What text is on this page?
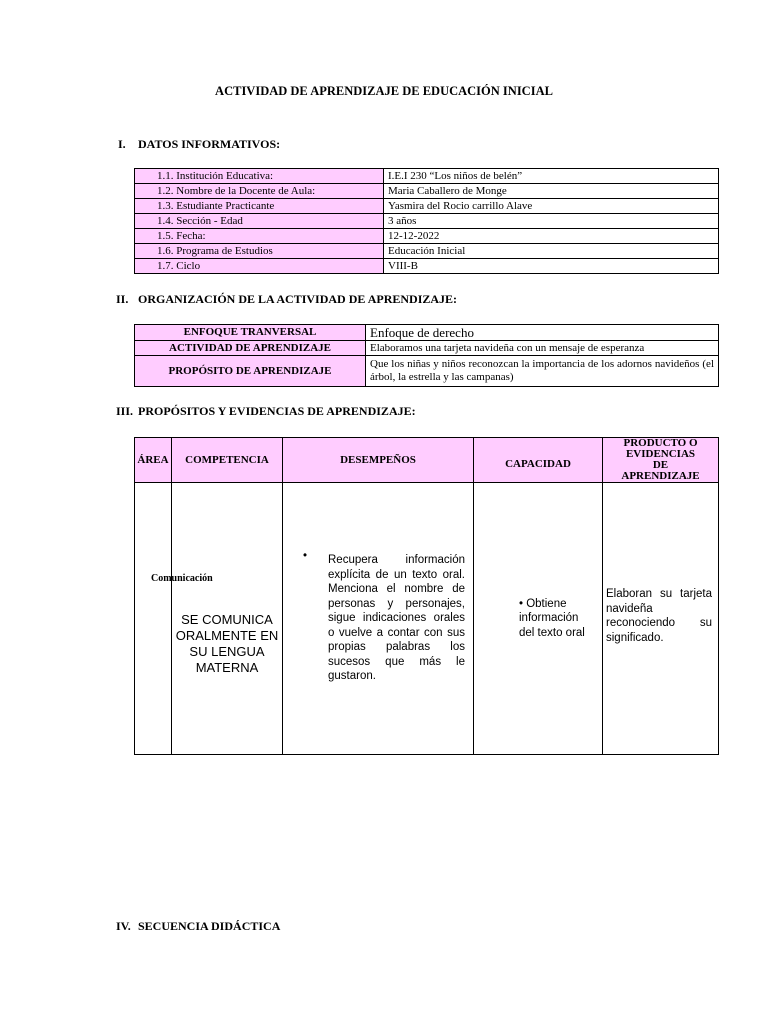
ACTIVIDAD DE APRENDIZAJE DE EDUCACIÓN INICIAL
I. DATOS INFORMATIVOS:
1.1. Institución Educativa:	I.E.I 230 “Los niños de belén”
1.2. Nombre de la Docente de Aula:	Maria Caballero de Monge
1.3. Estudiante Practicante	Yasmira del Rocio carrillo Alave
1.4. Sección - Edad	3 años
1.5. Fecha:	12-12-2022
1.6. Programa de Estudios	Educación Inicial
1.7. Ciclo	VIII-B
II. ORGANIZACIÓN DE LA ACTIVIDAD DE APRENDIZAJE:
ENFOQUE TRANVERSAL	Enfoque de derecho
ACTIVIDAD DE APRENDIZAJE	Elaboramos una tarjeta navideña con un mensaje de esperanza
PROPÓSITO DE APRENDIZAJE	Que los niñas y niños reconozcan la importancia de los adornos navideños (el árbol, la estrella y las campanas)
III. PROPÓSITOS Y EVIDENCIAS DE APRENDIZAJE:
ÁREA	COMPETENCIA	DESEMPEÑOS	CAPACIDAD	PRODUCTO O EVIDENCIAS DE APRENDIZAJE

Comunicación	SE COMUNICA ORALMENTE EN SU LENGUA MATERNA	• Recupera información explícita de un texto oral. Menciona el nombre de personas y personajes, sigue indicaciones orales o vuelve a contar con sus propias palabras los sucesos que más le gustaron.	• Obtiene información del texto oral	Elaboran su tarjeta navideña reconociendo su significado.
IV. SECUENCIA DIDÁCTICA
